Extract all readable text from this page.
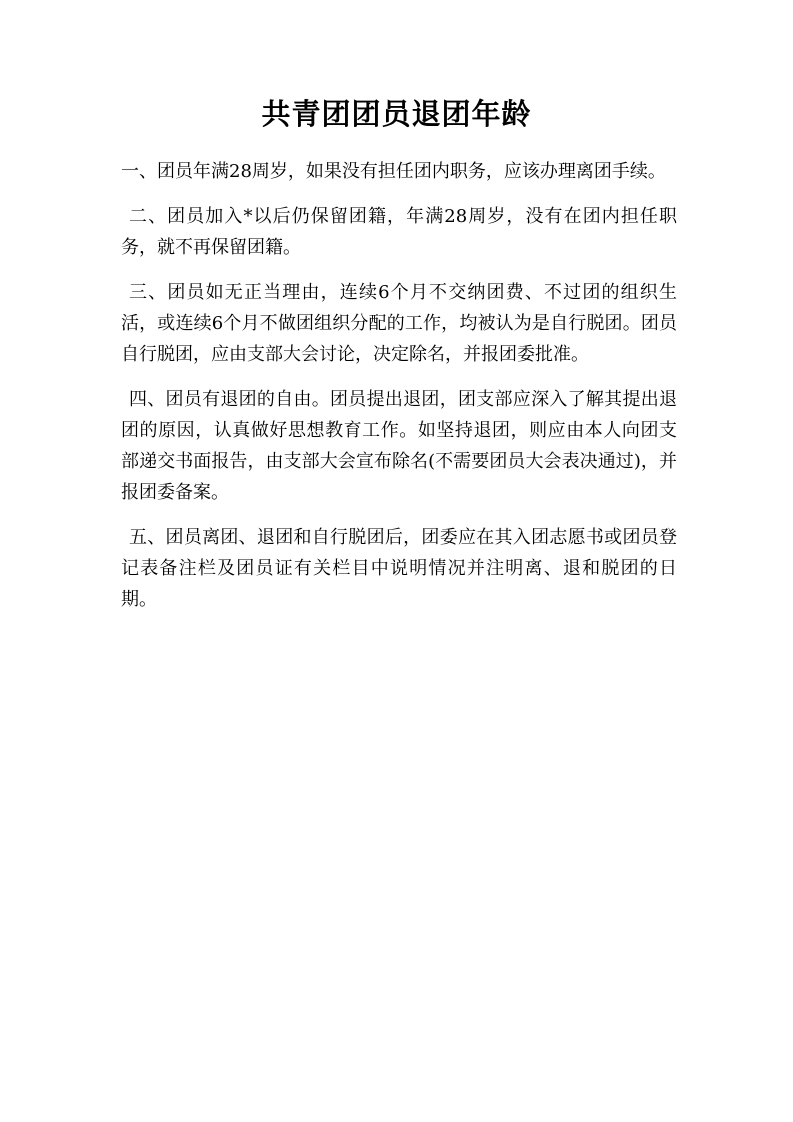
共青团团员退团年龄

一、团员年满28周岁，如果没有担任团内职务，应该办理离团手续。

二、团员加入*以后仍保留团籍，年满28周岁，没有在团内担任职务，就不再保留团籍。

三、团员如无正当理由，连续6个月不交纳团费、不过团的组织生活，或连续6个月不做团组织分配的工作，均被认为是自行脱团。团员自行脱团，应由支部大会讨论，决定除名，并报团委批准。

四、团员有退团的自由。团员提出退团，团支部应深入了解其提出退团的原因，认真做好思想教育工作。如坚持退团，则应由本人向团支部递交书面报告，由支部大会宣布除名(不需要团员大会表决通过)，并报团委备案。

五、团员离团、退团和自行脱团后，团委应在其入团志愿书或团员登记表备注栏及团员证有关栏目中说明情况并注明离、退和脱团的日期。
